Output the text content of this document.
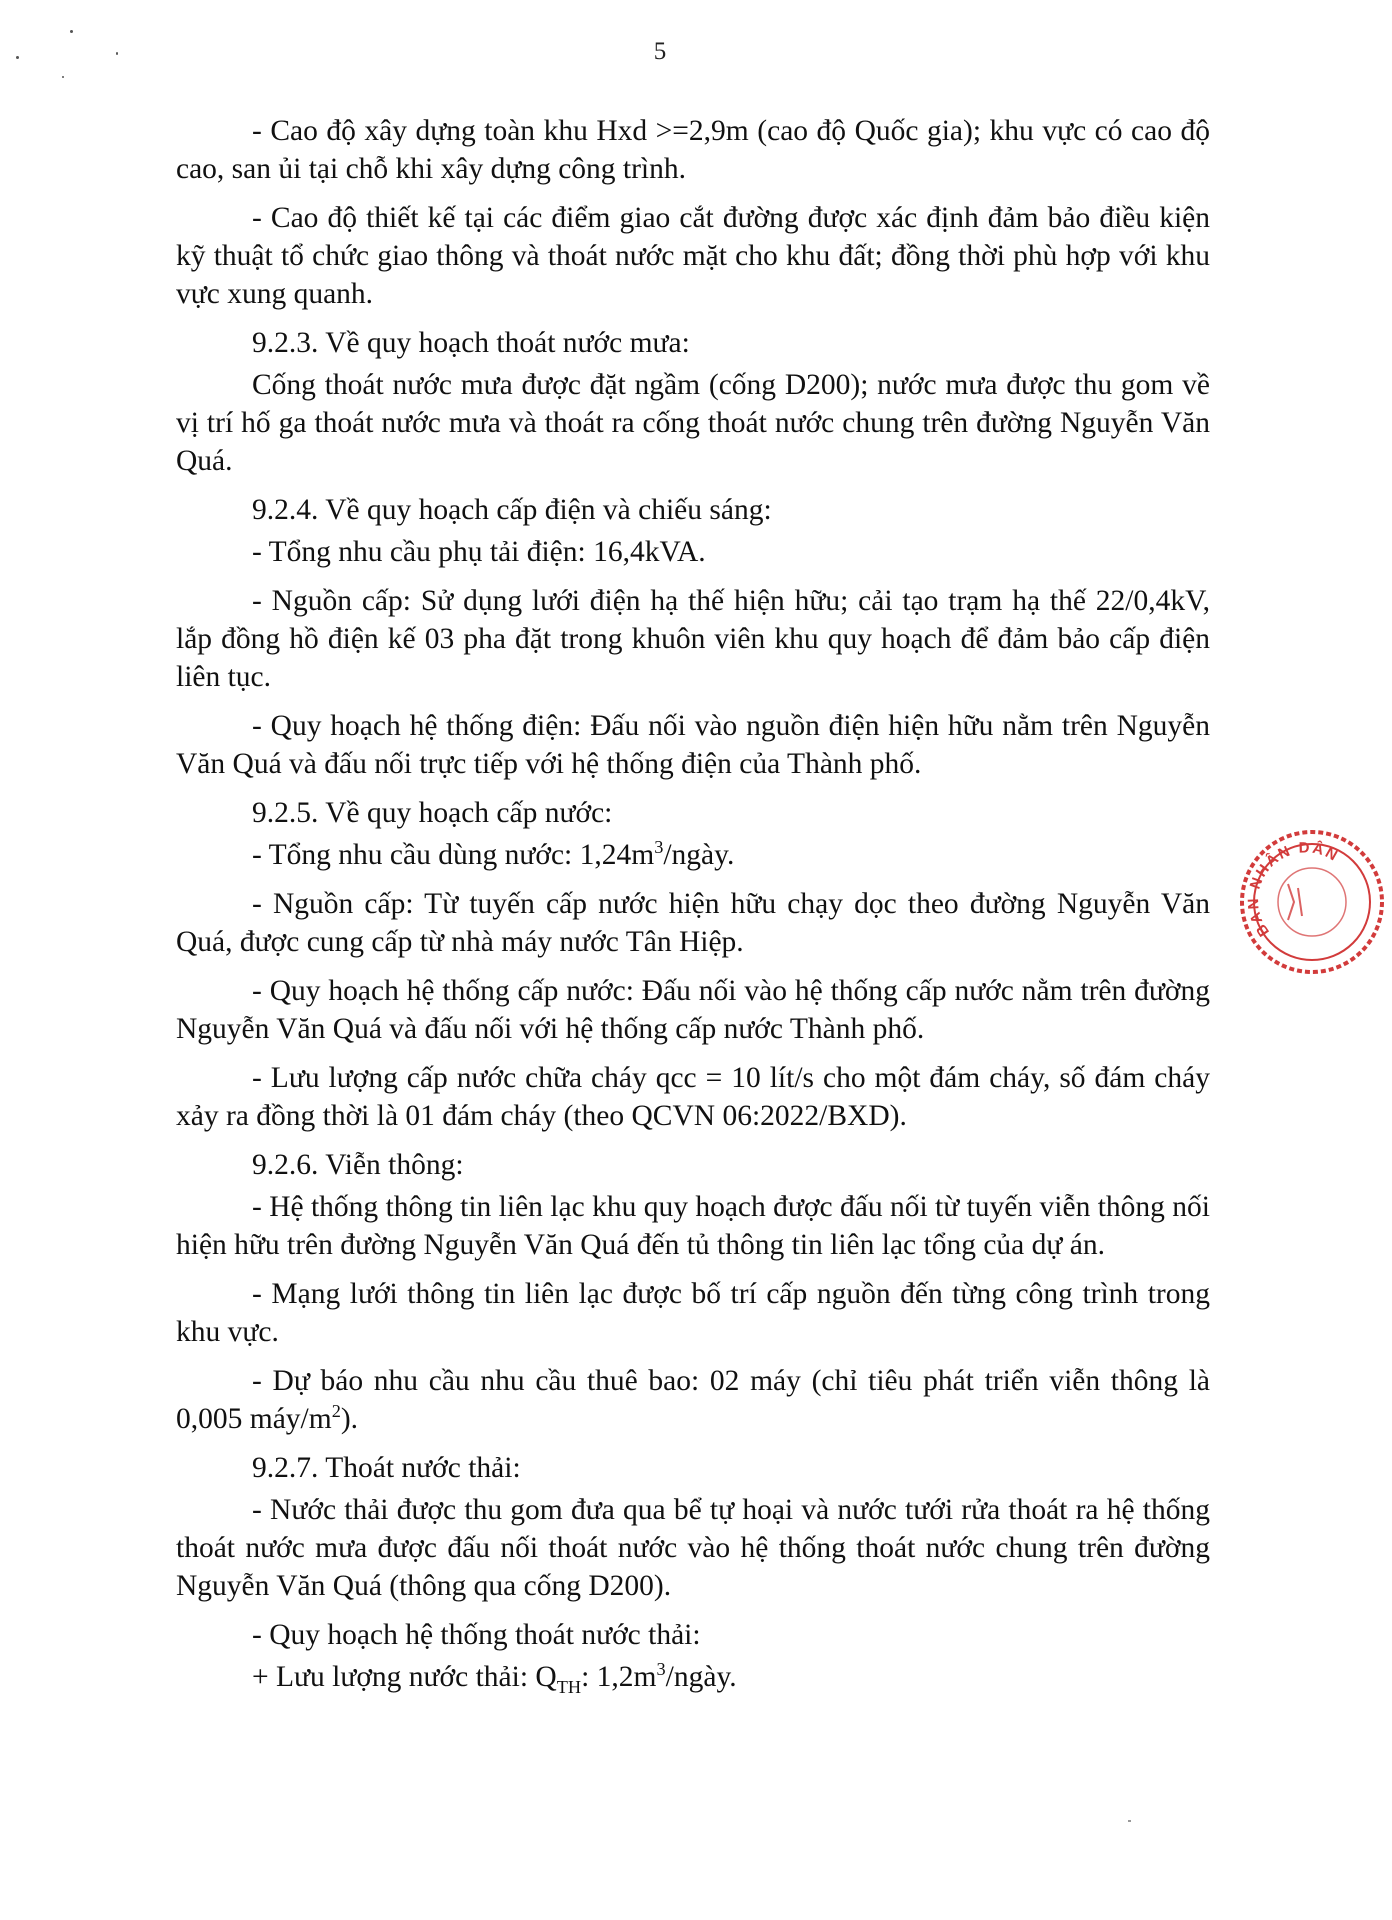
5

- Cao độ xây dựng toàn khu Hxd >=2,9m (cao độ Quốc gia); khu vực có cao độ cao, san ủi tại chỗ khi xây dựng công trình.

- Cao độ thiết kế tại các điểm giao cắt đường được xác định đảm bảo điều kiện kỹ thuật tổ chức giao thông và thoát nước mặt cho khu đất; đồng thời phù hợp với khu vực xung quanh.

9.2.3. Về quy hoạch thoát nước mưa:

Cống thoát nước mưa được đặt ngầm (cống D200); nước mưa được thu gom về vị trí hố ga thoát nước mưa và thoát ra cống thoát nước chung trên đường Nguyễn Văn Quá.

9.2.4. Về quy hoạch cấp điện và chiếu sáng:

- Tổng nhu cầu phụ tải điện: 16,4kVA.

- Nguồn cấp: Sử dụng lưới điện hạ thế hiện hữu; cải tạo trạm hạ thế 22/0,4kV, lắp đồng hồ điện kế 03 pha đặt trong khuôn viên khu quy hoạch để đảm bảo cấp điện liên tục.

- Quy hoạch hệ thống điện: Đấu nối vào nguồn điện hiện hữu nằm trên Nguyễn Văn Quá và đấu nối trực tiếp với hệ thống điện của Thành phố.

9.2.5. Về quy hoạch cấp nước:

- Tổng nhu cầu dùng nước: $1,24m^3$/ngày.

- Nguồn cấp: Từ tuyến cấp nước hiện hữu chạy dọc theo đường Nguyễn Văn Quá, được cung cấp từ nhà máy nước Tân Hiệp.

- Quy hoạch hệ thống cấp nước: Đấu nối vào hệ thống cấp nước nằm trên đường Nguyễn Văn Quá và đấu nối với hệ thống cấp nước Thành phố.

- Lưu lượng cấp nước chữa cháy qcc = 10 lít/s cho một đám cháy, số đám cháy xảy ra đồng thời là 01 đám cháy (theo QCVN 06:2022/BXD).

9.2.6. Viễn thông:

- Hệ thống thông tin liên lạc khu quy hoạch được đấu nối từ tuyến viễn thông nối hiện hữu trên đường Nguyễn Văn Quá đến tủ thông tin liên lạc tổng của dự án.

- Mạng lưới thông tin liên lạc được bố trí cấp nguồn đến từng công trình trong khu vực.

- Dự báo nhu cầu nhu cầu thuê bao: 02 máy (chỉ tiêu phát triển viễn thông là 0,005 máy/$m^2$).

9.2.7. Thoát nước thải:

- Nước thải được thu gom đưa qua bể tự hoại và nước tưới rửa thoát ra hệ thống thoát nước mưa được đấu nối thoát nước vào hệ thống thoát nước chung trên đường Nguyễn Văn Quá (thông qua cống D200).

- Quy hoạch hệ thống thoát nước thải:

+ Lưu lượng nước thải: $Q_{TH}$: $1,2m^3$/ngày.

BAN NHÂN DÂN
